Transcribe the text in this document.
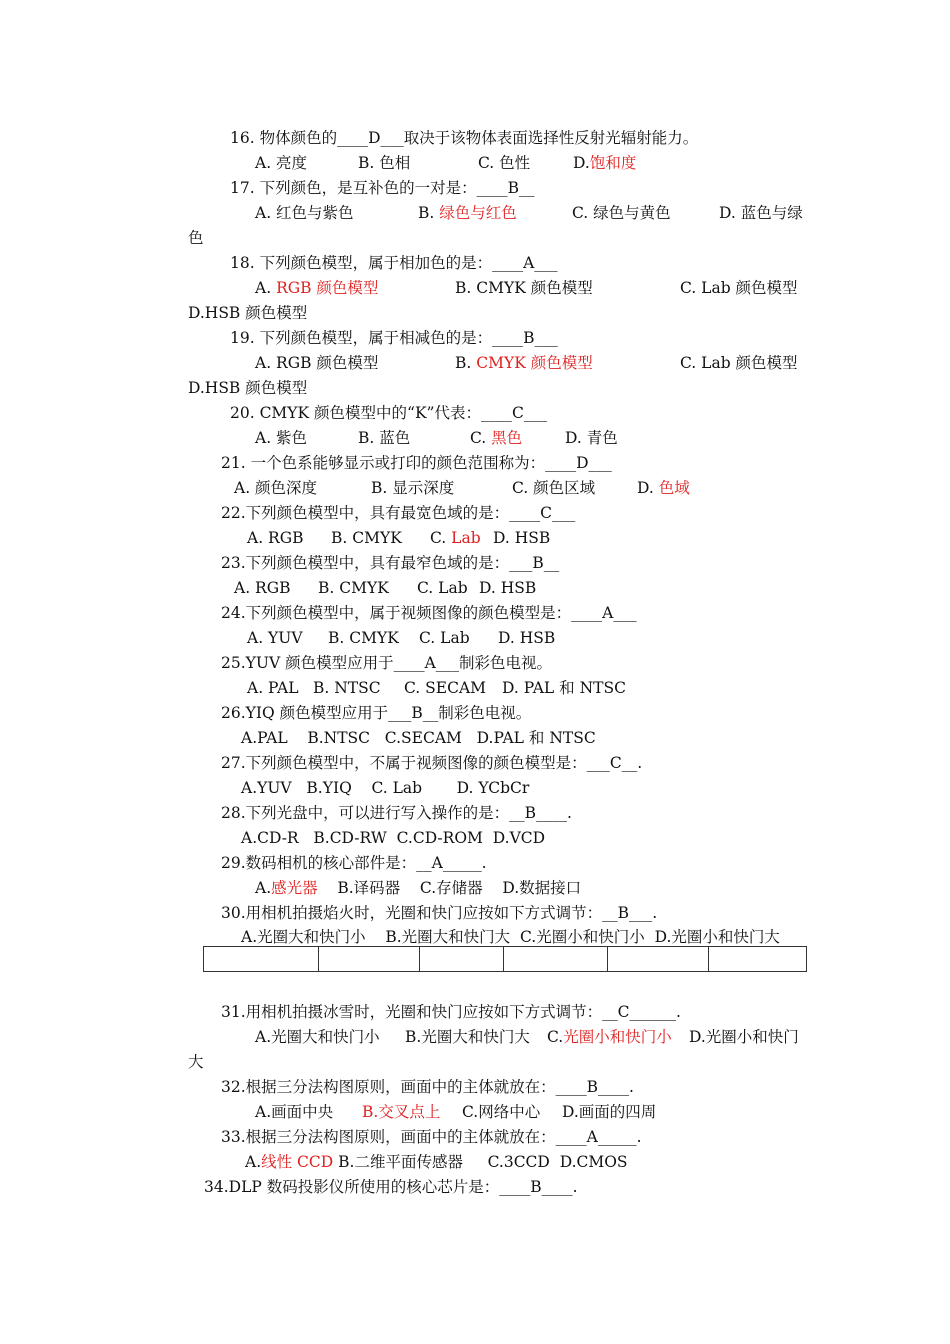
16. 物体颜色的____D___取决于该物体表面选择性反射光辐射能力。
A. 亮度	B. 色相	C. 色性	D.饱和度
17. 下列颜色，是互补色的一对是：____B__
A. 红色与紫色	B. 绿色与红色	C. 绿色与黄色	D. 蓝色与绿
色
18. 下列颜色模型，属于相加色的是：____A___
A. RGB 颜色模型	B. CMYK 颜色模型	C. Lab 颜色模型
D.HSB 颜色模型
19. 下列颜色模型，属于相减色的是：____B___
A. RGB 颜色模型	B. CMYK 颜色模型	C. Lab 颜色模型
D.HSB 颜色模型
20. CMYK 颜色模型中的“K”代表：____C___
A. 紫色	B. 蓝色	C. 黑色	D. 青色
21. 一个色系能够显示或打印的颜色范围称为：____D___
A. 颜色深度	B. 显示深度	C. 颜色区域	D. 色域
22.下列颜色模型中，具有最宽色域的是：____C___
A. RGB B. CMYK C. Lab D. HSB
23.下列颜色模型中，具有最窄色域的是：___B__
A. RGB B. CMYK C. Lab D. HSB
24.下列颜色模型中，属于视频图像的颜色模型是：____A___
A. YUV B. CMYK C. Lab D. HSB
25.YUV 颜色模型应用于____A___制彩色电视。
A. PAL B. NTSC C. SECAM D. PAL 和 NTSC
26.YIQ 颜色模型应用于___B__制彩色电视。
A.PAL    B.NTSC   C.SECAM   D.PAL 和 NTSC
27.下列颜色模型中，不属于视频图像的颜色模型是：___C__.
A.YUV   B.YIQ    C. Lab       D. YCbCr
28.下列光盘中，可以进行写入操作的是：__B____.
A.CD-R   B.CD-RW  C.CD-ROM  D.VCD
29.数码相机的核心部件是：__A_____.
A.感光器 B.译码器    C.存储器    D.数据接口
30.用相机拍摄焰火时，光圈和快门应按如下方式调节：__B___.
A.光圈大和快门小    B.光圈大和快门大  C.光圈小和快门小  D.光圈小和快门大

31.用相机拍摄冰雪时，光圈和快门应按如下方式调节：__C______.
A.光圈大和快门小 B.光圈大和快门大 C.光圈小和快门小 D.光圈小和快门
大
32.根据三分法构图原则，画面中的主体就放在：____B____.
A.画面中央 B.交叉点上 C.网络中心 D.画面的四周
33.根据三分法构图原则，画面中的主体就放在：____A_____.
A.线性 CCD B.二维平面传感器     C.3CCD  D.CMOS
34.DLP 数码投影仪所使用的核心芯片是：____B____.
